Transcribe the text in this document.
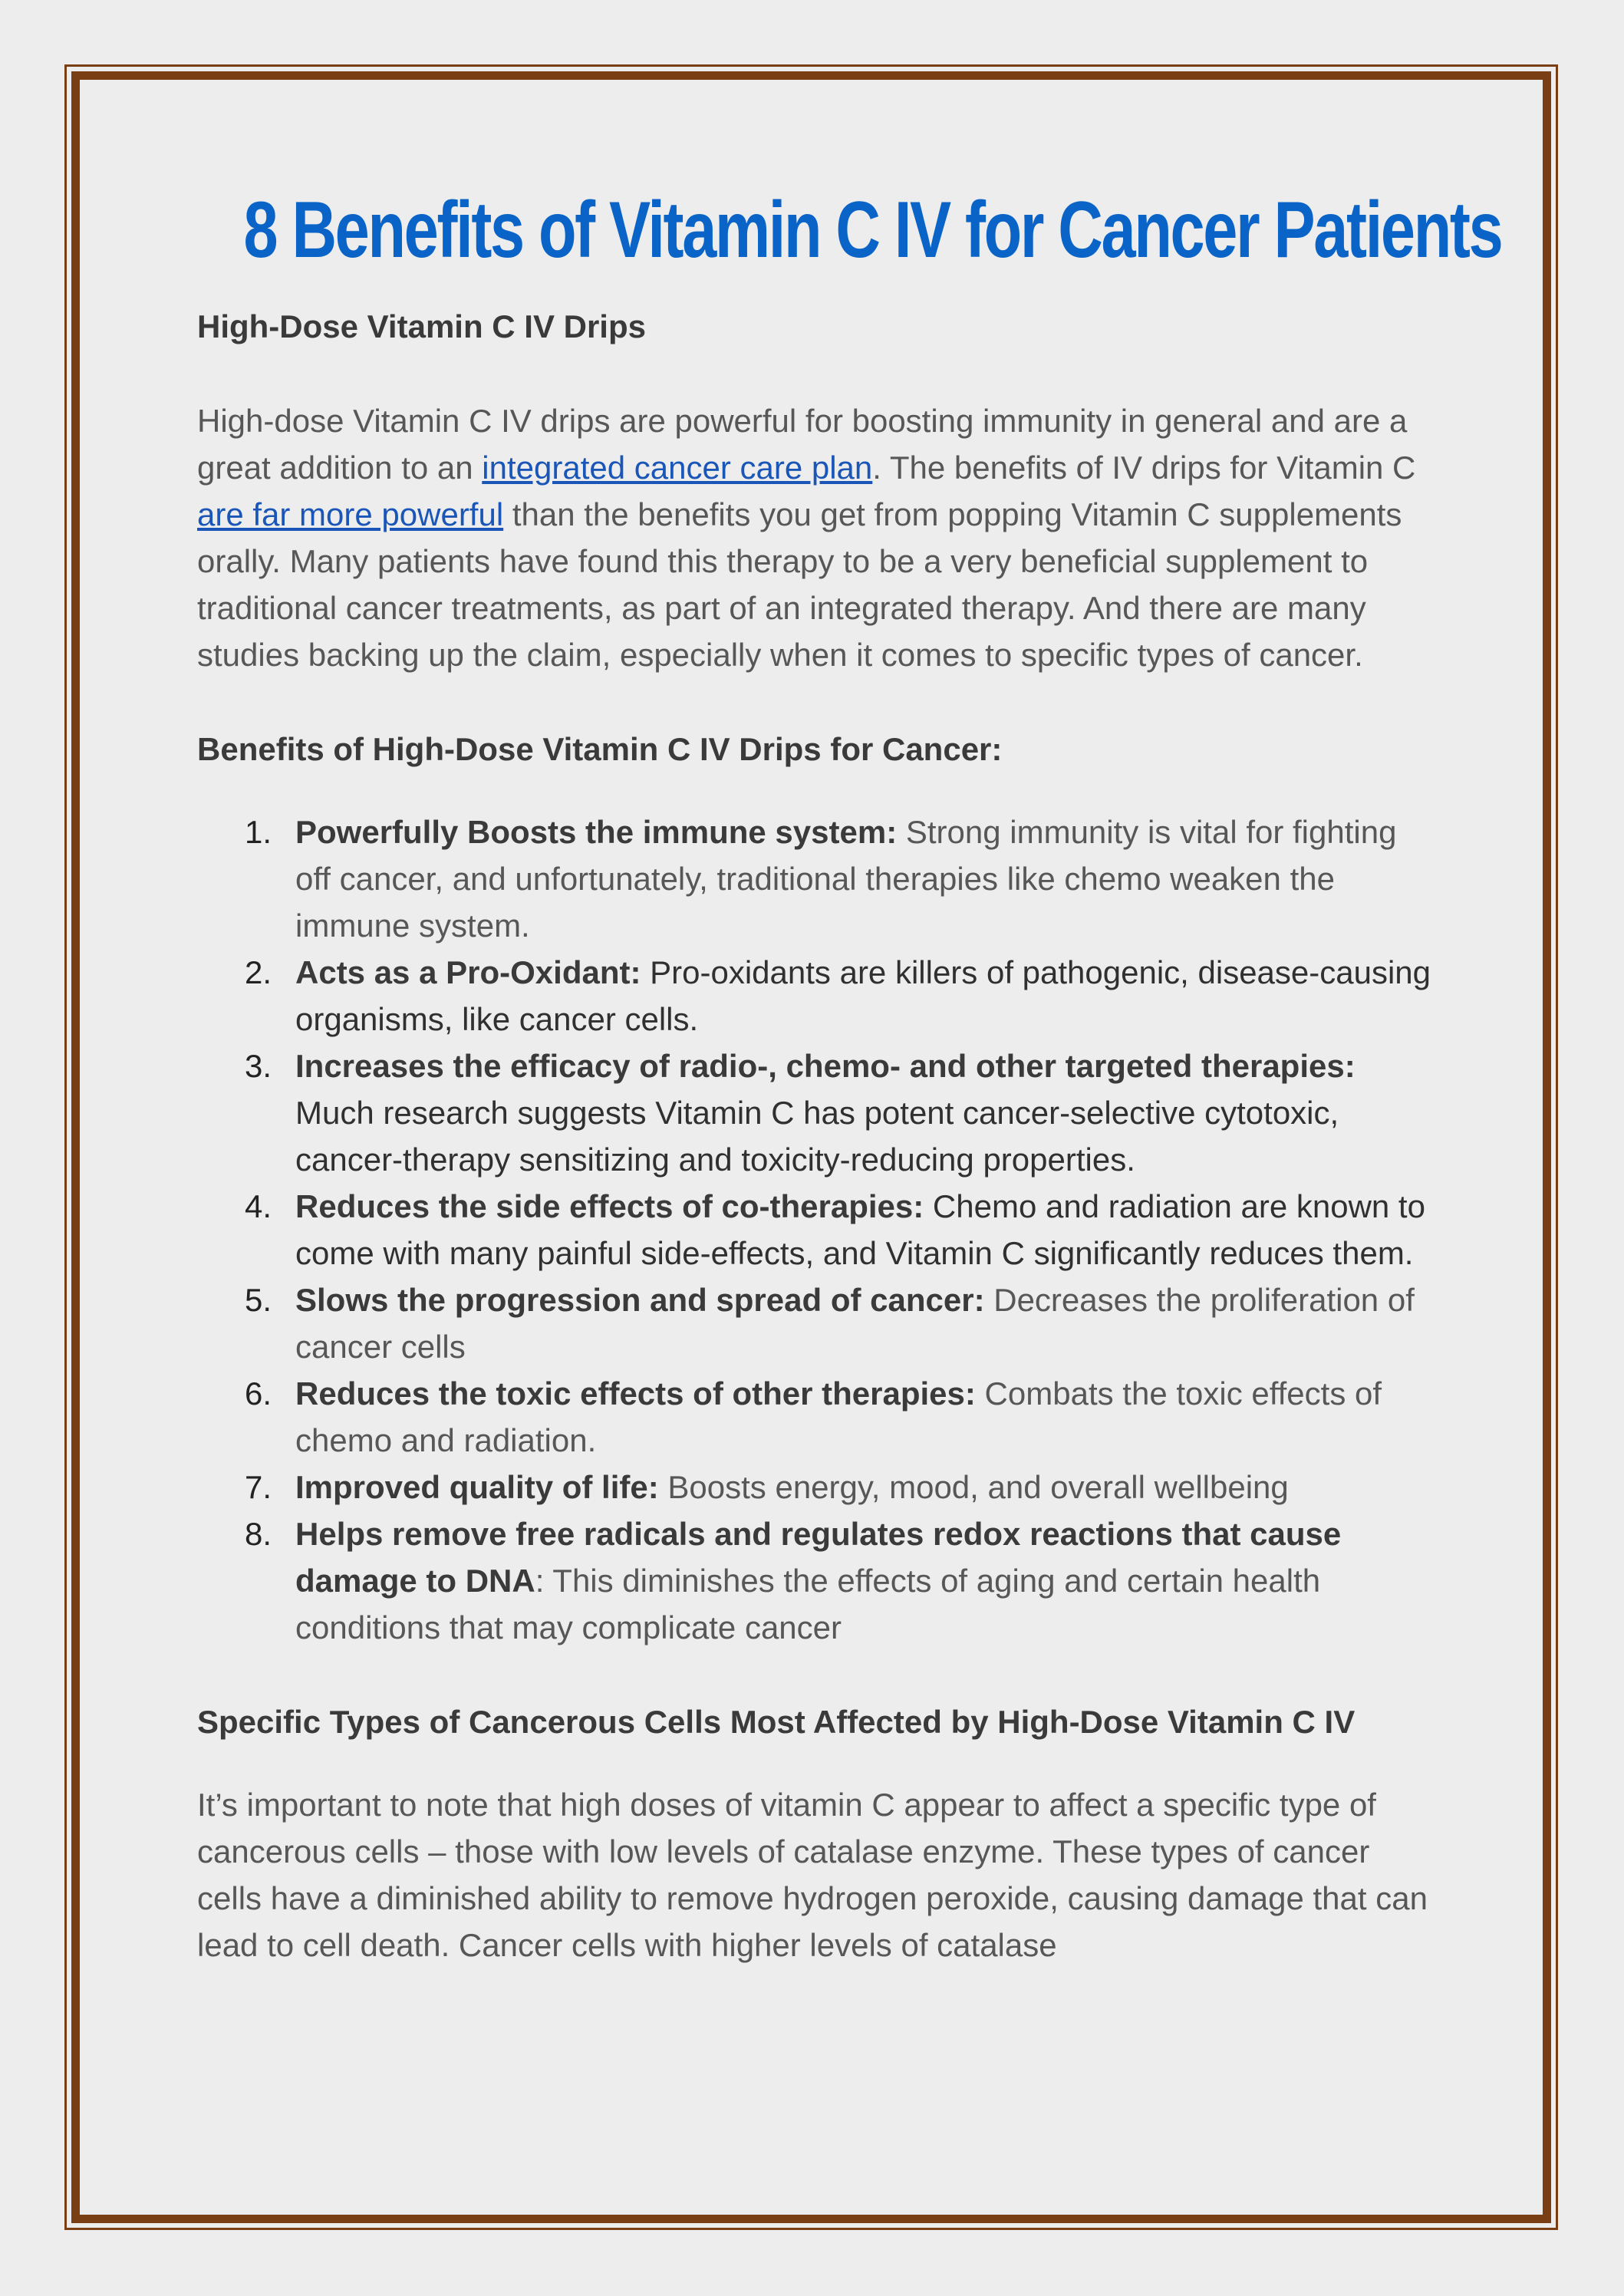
8 Benefits of Vitamin C IV for Cancer Patients
High-Dose Vitamin C IV Drips

High-dose Vitamin C IV drips are powerful for boosting immunity in general and are a great addition to an integrated cancer care plan. The benefits of IV drips for Vitamin C are far more powerful than the benefits you get from popping Vitamin C supplements orally. Many patients have found this therapy to be a very beneficial supplement to traditional cancer treatments, as part of an integrated therapy. And there are many studies backing up the claim, especially when it comes to specific types of cancer.

Benefits of High-Dose Vitamin C IV Drips for Cancer:
1. Powerfully Boosts the immune system: Strong immunity is vital for fighting off cancer, and unfortunately, traditional therapies like chemo weaken the immune system.
2. Acts as a Pro-Oxidant: Pro-oxidants are killers of pathogenic, disease-causing organisms, like cancer cells.
3. Increases the efficacy of radio-, chemo- and other targeted therapies: Much research suggests Vitamin C has potent cancer-selective cytotoxic, cancer-therapy sensitizing and toxicity-reducing properties.
4. Reduces the side effects of co-therapies: Chemo and radiation are known to come with many painful side-effects, and Vitamin C significantly reduces them.
5. Slows the progression and spread of cancer: Decreases the proliferation of cancer cells
6. Reduces the toxic effects of other therapies: Combats the toxic effects of chemo and radiation.
7. Improved quality of life: Boosts energy, mood, and overall wellbeing
8. Helps remove free radicals and regulates redox reactions that cause damage to DNA: This diminishes the effects of aging and certain health conditions that may complicate cancer
Specific Types of Cancerous Cells Most Affected by High-Dose Vitamin C IV

It’s important to note that high doses of vitamin C appear to affect a specific type of cancerous cells – those with low levels of catalase enzyme. These types of cancer cells have a diminished ability to remove hydrogen peroxide, causing damage that can lead to cell death. Cancer cells with higher levels of catalase
